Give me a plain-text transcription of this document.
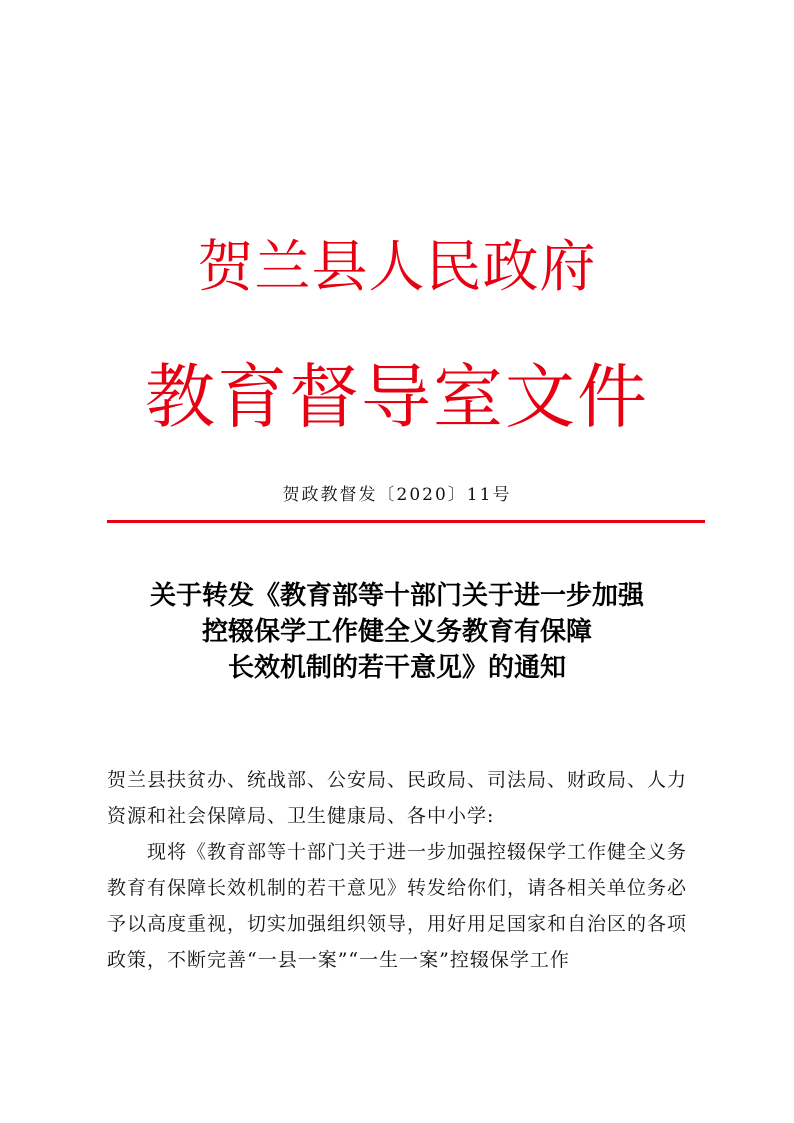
贺兰县人民政府
教育督导室文件
贺政教督发〔2020〕11号
关于转发《教育部等十部门关于进一步加强
控辍保学工作健全义务教育有保障
长效机制的若干意见》的通知

贺兰县扶贫办、统战部、公安局、民政局、司法局、财政局、人力资源和社会保障局、卫生健康局、各中小学:

现将《教育部等十部门关于进一步加强控辍保学工作健全义务教育有保障长效机制的若干意见》转发给你们，请各相关单位务必予以高度重视，切实加强组织领导，用好用足国家和自治区的各项政策，不断完善“一县一案”“一生一案”控辍保学工作
